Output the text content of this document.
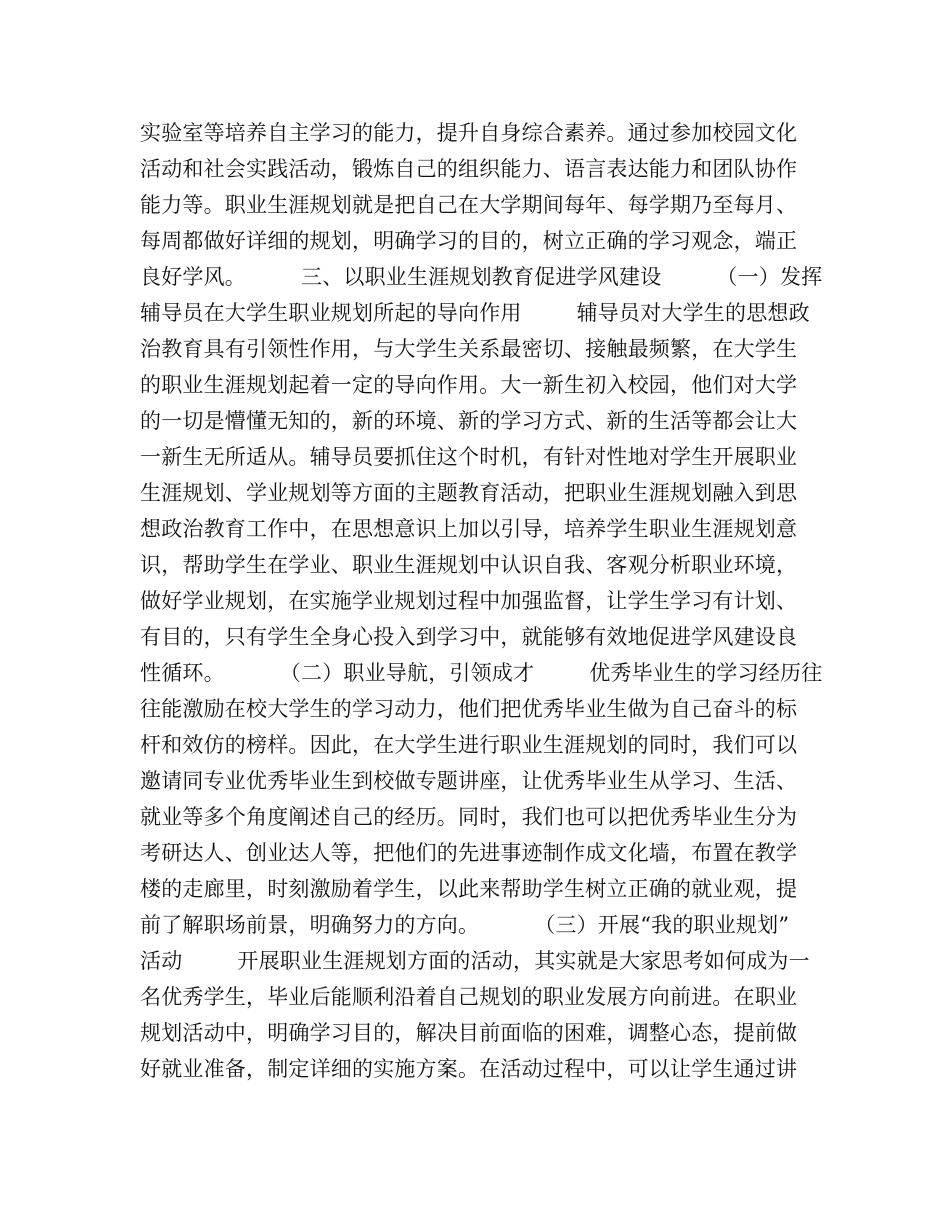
实验室等培养自主学习的能力，提升自身综合素养。通过参加校园文化
活动和社会实践活动，锻炼自己的组织能力、语言表达能力和团队协作
能力等。职业生涯规划就是把自己在大学期间每年、每学期乃至每月、
每周都做好详细的规划，明确学习的目的，树立正确的学习观念，端正
良好学风。        三、以职业生涯规划教育促进学风建设        （一）发挥
辅导员在大学生职业规划所起的导向作用        辅导员对大学生的思想政
治教育具有引领性作用，与大学生关系最密切、接触最频繁，在大学生
的职业生涯规划起着一定的导向作用。大一新生初入校园，他们对大学
的一切是懵懂无知的，新的环境、新的学习方式、新的生活等都会让大
一新生无所适从。辅导员要抓住这个时机，有针对性地对学生开展职业
生涯规划、学业规划等方面的主题教育活动，把职业生涯规划融入到思
想政治教育工作中，在思想意识上加以引导，培养学生职业生涯规划意
识，帮助学生在学业、职业生涯规划中认识自我、客观分析职业环境，
做好学业规划，在实施学业规划过程中加强监督，让学生学习有计划、
有目的，只有学生全身心投入到学习中，就能够有效地促进学风建设良
性循环。        （二）职业导航，引领成才        优秀毕业生的学习经历往
往能激励在校大学生的学习动力，他们把优秀毕业生做为自己奋斗的标
杆和效仿的榜样。因此，在大学生进行职业生涯规划的同时，我们可以
邀请同专业优秀毕业生到校做专题讲座，让优秀毕业生从学习、生活、
就业等多个角度阐述自己的经历。同时，我们也可以把优秀毕业生分为
考研达人、创业达人等，把他们的先进事迹制作成文化墙，布置在教学
楼的走廊里，时刻激励着学生，以此来帮助学生树立正确的就业观，提
前了解职场前景，明确努力的方向。        （三）开展“我的职业规划”
活动        开展职业生涯规划方面的活动，其实就是大家思考如何成为一
名优秀学生，毕业后能顺利沿着自己规划的职业发展方向前进。在职业
规划活动中，明确学习目的，解决目前面临的困难，调整心态，提前做
好就业准备，制定详细的实施方案。在活动过程中，可以让学生通过讲
